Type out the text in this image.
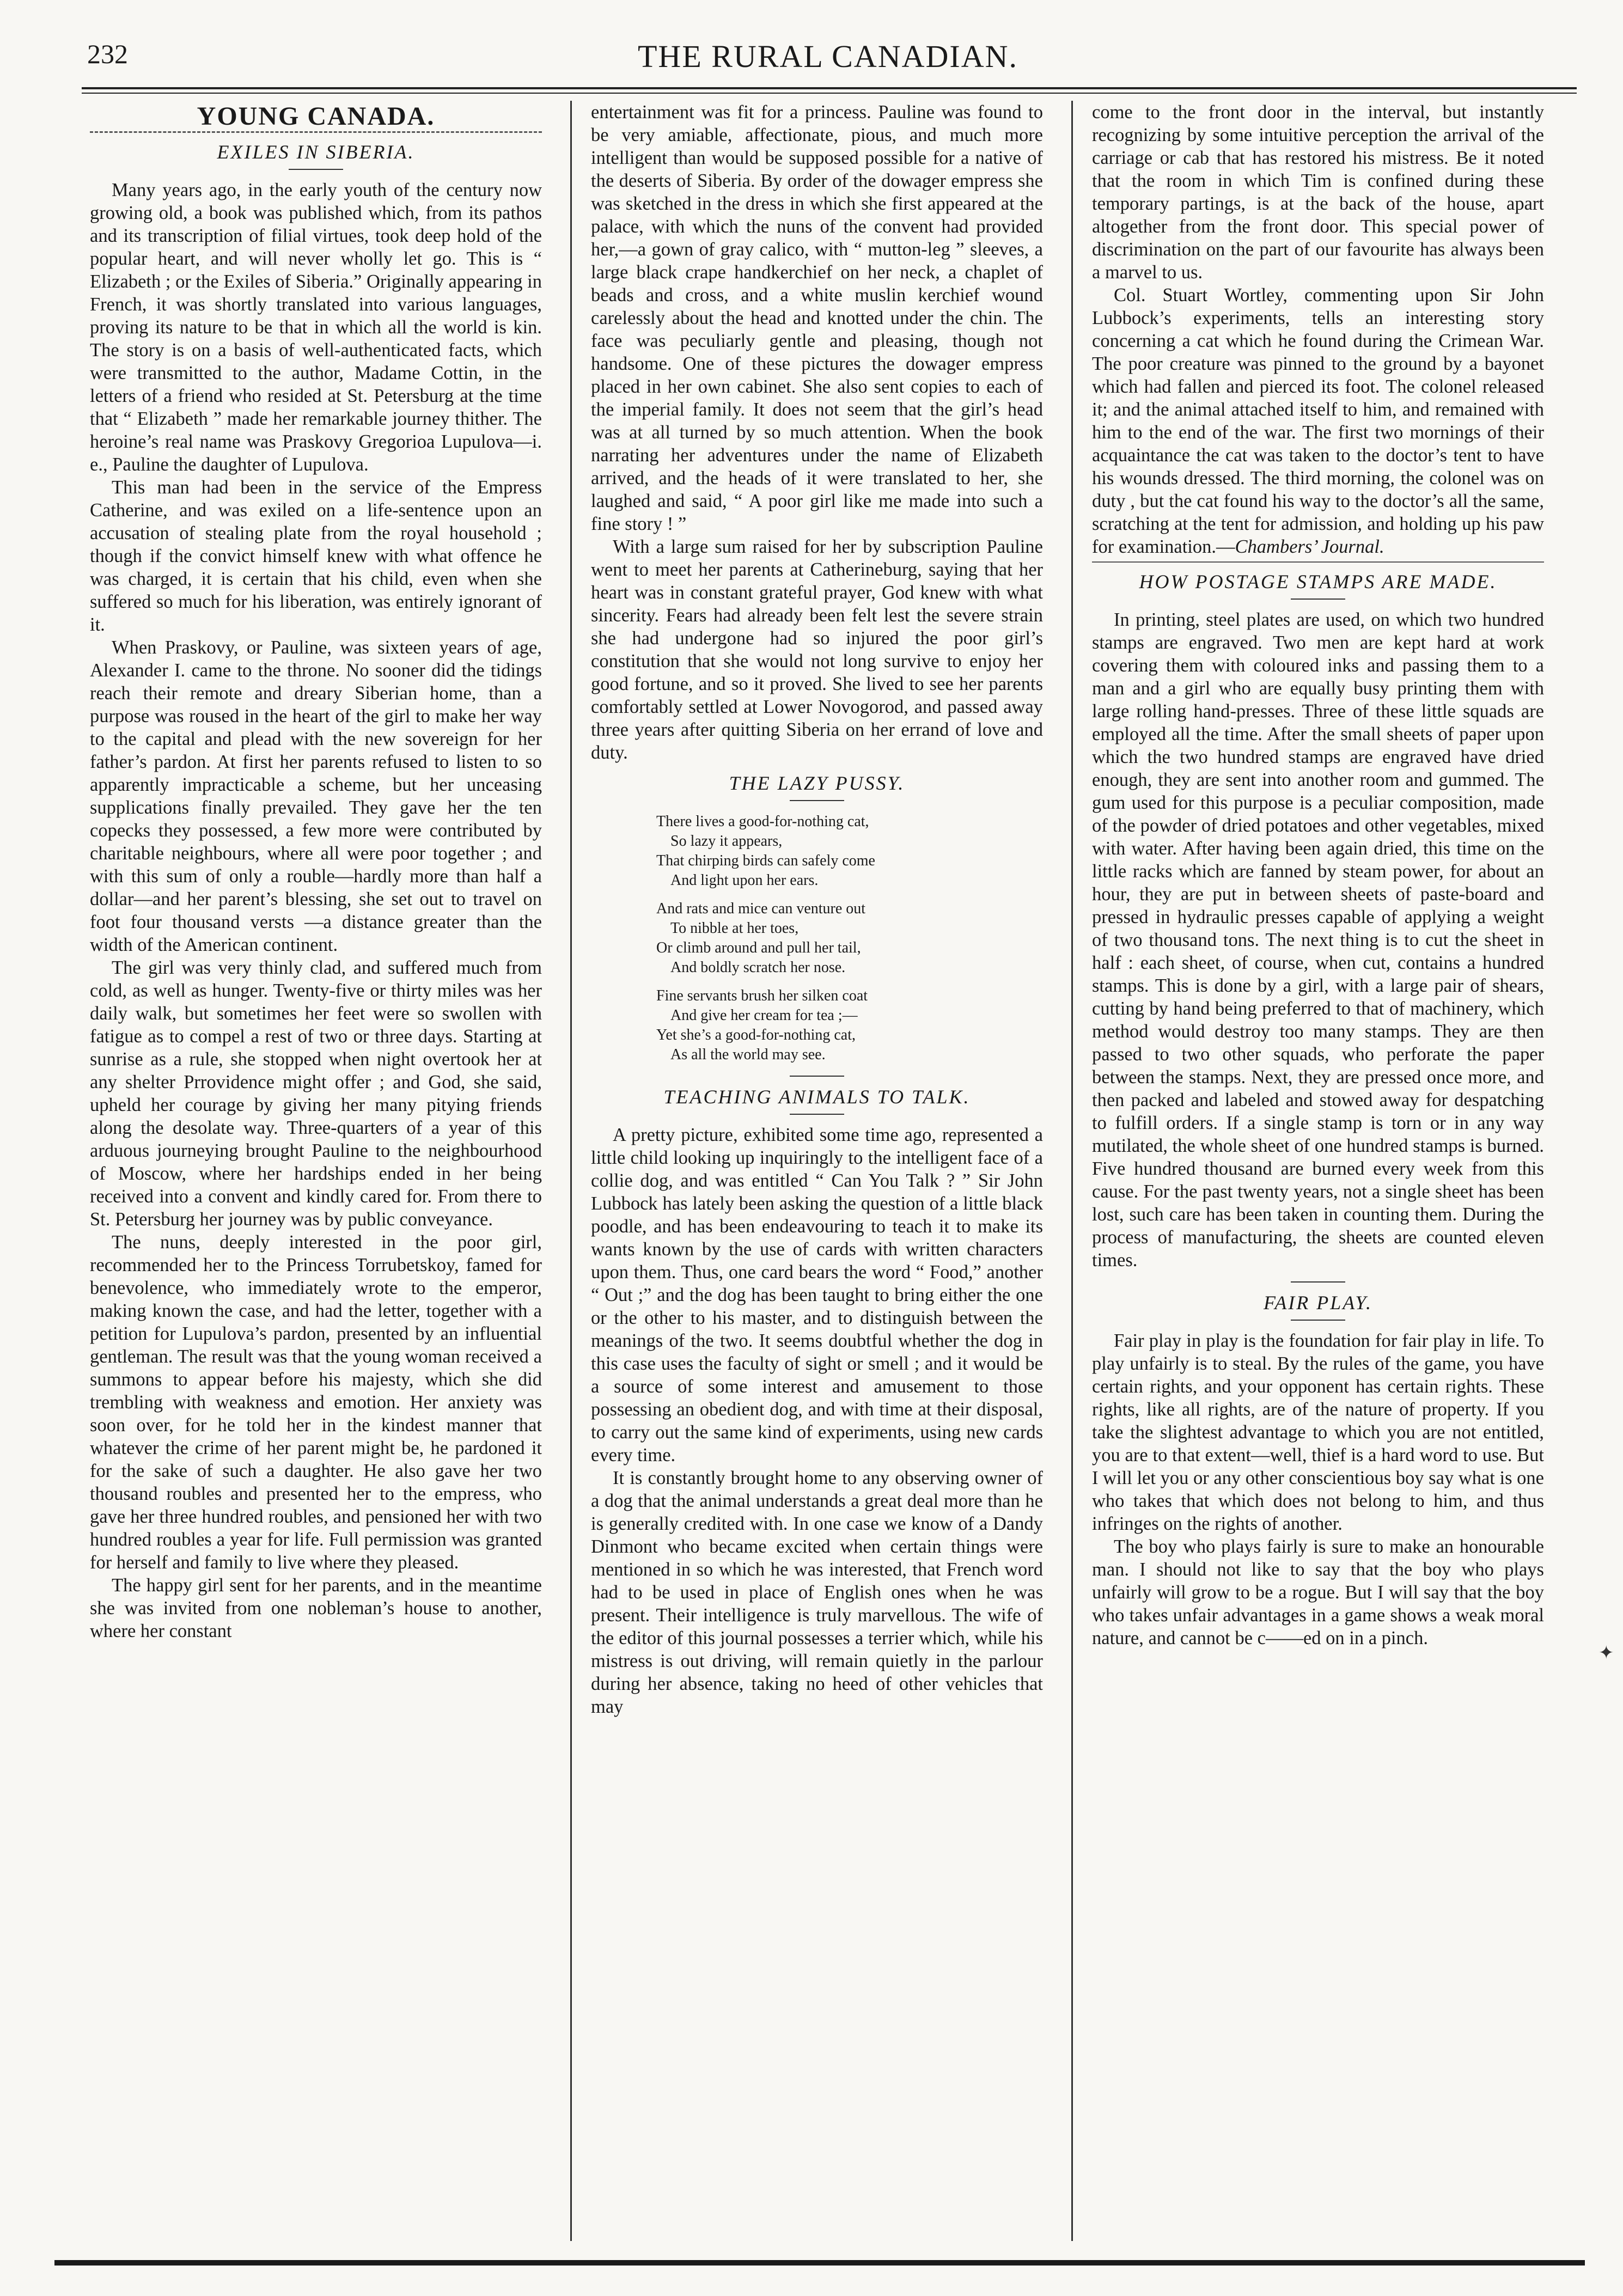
232	THE RURAL CANADIAN.
YOUNG CANADA.
EXILES IN SIBERIA.

Many years ago, in the early youth of the century now growing old, a book was published which, from its pathos and its transcription of filial virtues, took deep hold of the popular heart, and will never wholly let go. This is “ Elizabeth ; or the Exiles of Siberia.” Originally appearing in French, it was shortly translated into various languages, proving its nature to be that in which all the world is kin. The story is on a basis of well-authenticated facts, which were transmitted to the author, Madame Cottin, in the letters of a friend who resided at St. Petersburg at the time that “ Elizabeth ” made her remarkable journey thither. The heroine’s real name was Praskovy Gregorioa Lupulova—i. e., Pauline the daughter of Lupulova.

This man had been in the service of the Empress Catherine, and was exiled on a life-sentence upon an accusation of stealing plate from the royal household ; though if the convict himself knew with what offence he was charged, it is certain that his child, even when she suffered so much for his liberation, was entirely ignorant of it.

When Praskovy, or Pauline, was sixteen years of age, Alexander I. came to the throne. No sooner did the tidings reach their remote and dreary Siberian home, than a purpose was roused in the heart of the girl to make her way to the capital and plead with the new sovereign for her father’s pardon. At first her parents refused to listen to so apparently impracticable a scheme, but her unceasing supplications finally prevailed. They gave her the ten copecks they possessed, a few more were contributed by charitable neighbours, where all were poor together ; and with this sum of only a rouble—hardly more than half a dollar—and her parent’s blessing, she set out to travel on foot four thousand versts —a distance greater than the width of the American continent.

The girl was very thinly clad, and suffered much from cold, as well as hunger. Twenty-five or thirty miles was her daily walk, but sometimes her feet were so swollen with fatigue as to compel a rest of two or three days. Starting at sunrise as a rule, she stopped when night overtook her at any shelter Prrovidence might offer ; and God, she said, upheld her courage by giving her many pitying friends along the desolate way. Three-quarters of a year of this arduous journeying brought Pauline to the neighbourhood of Moscow, where her hardships ended in her being received into a convent and kindly cared for. From there to St. Petersburg her journey was by public conveyance.

The nuns, deeply interested in the poor girl, recommended her to the Princess Torrubetskoy, famed for benevolence, who immediately wrote to the emperor, making known the case, and had the letter, together with a petition for Lupulova’s pardon, presented by an influential gentleman. The result was that the young woman received a summons to appear before his majesty, which she did trembling with weakness and emotion. Her anxiety was soon over, for he told her in the kindest manner that whatever the crime of her parent might be, he pardoned it for the sake of such a daughter. He also gave her two thousand roubles and presented her to the empress, who gave her three hundred roubles, and pensioned her with two hundred roubles a year for life. Full permission was granted for herself and family to live where they pleased.

The happy girl sent for her parents, and in the meantime she was invited from one nobleman’s house to another, where her constant

entertainment was fit for a princess. Pauline was found to be very amiable, affectionate, pious, and much more intelligent than would be supposed possible for a native of the deserts of Siberia. By order of the dowager empress she was sketched in the dress in which she first appeared at the palace, with which the nuns of the convent had provided her,—a gown of gray calico, with “ mutton-leg ” sleeves, a large black crape handkerchief on her neck, a chaplet of beads and cross, and a white muslin kerchief wound carelessly about the head and knotted under the chin. The face was peculiarly gentle and pleasing, though not handsome. One of these pictures the dowager empress placed in her own cabinet. She also sent copies to each of the imperial family. It does not seem that the girl’s head was at all turned by so much attention. When the book narrating her adventures under the name of Elizabeth arrived, and the heads of it were translated to her, she laughed and said, “ A poor girl like me made into such a fine story ! ”

With a large sum raised for her by subscription Pauline went to meet her parents at Catherineburg, saying that her heart was in constant grateful prayer, God knew with what sincerity. Fears had already been felt lest the severe strain she had undergone had so injured the poor girl’s constitution that she would not long survive to enjoy her good fortune, and so it proved. She lived to see her parents comfortably settled at Lower Novogorod, and passed away three years after quitting Siberia on her errand of love and duty.

THE LAZY PUSSY.
There lives a good-for-nothing cat,
So lazy it appears,
That chirping birds can safely come
And light upon her ears.
And rats and mice can venture out
To nibble at her toes,
Or climb around and pull her tail,
And boldly scratch her nose.
Fine servants brush her silken coat
And give her cream for tea ;—
Yet she’s a good-for-nothing cat,
As all the world may see.
TEACHING ANIMALS TO TALK.

A pretty picture, exhibited some time ago, represented a little child looking up inquiringly to the intelligent face of a collie dog, and was entitled “ Can You Talk ? ” Sir John Lubbock has lately been asking the question of a little black poodle, and has been endeavouring to teach it to make its wants known by the use of cards with written characters upon them. Thus, one card bears the word “ Food,” another “ Out ;” and the dog has been taught to bring either the one or the other to his master, and to distinguish between the meanings of the two. It seems doubtful whether the dog in this case uses the faculty of sight or smell ; and it would be a source of some interest and amusement to those possessing an obedient dog, and with time at their disposal, to carry out the same kind of experiments, using new cards every time.

It is constantly brought home to any observing owner of a dog that the animal understands a great deal more than he is generally credited with. In one case we know of a Dandy Dinmont who became excited when certain things were mentioned in so which he was interested, that French word had to be used in place of English ones when he was present. Their intelligence is truly marvellous. The wife of the editor of this journal possesses a terrier which, while his mistress is out driving, will remain quietly in the parlour during her absence, taking no heed of other vehicles that may

come to the front door in the interval, but instantly recognizing by some intuitive perception the arrival of the carriage or cab that has restored his mistress. Be it noted that the room in which Tim is confined during these temporary partings, is at the back of the house, apart altogether from the front door. This special power of discrimination on the part of our favourite has always been a marvel to us.

Col. Stuart Wortley, commenting upon Sir John Lubbock’s experiments, tells an interesting story concerning a cat which he found during the Crimean War. The poor creature was pinned to the ground by a bayonet which had fallen and pierced its foot. The colonel released it; and the animal attached itself to him, and remained with him to the end of the war. The first two mornings of their acquaintance the cat was taken to the doctor’s tent to have his wounds dressed. The third morning, the colonel was on duty , but the cat found his way to the doctor’s all the same, scratching at the tent for admission, and holding up his paw for examination.—Chambers’ Journal.

HOW POSTAGE STAMPS ARE MADE.

In printing, steel plates are used, on which two hundred stamps are engraved. Two men are kept hard at work covering them with coloured inks and passing them to a man and a girl who are equally busy printing them with large rolling hand-presses. Three of these little squads are employed all the time. After the small sheets of paper upon which the two hundred stamps are engraved have dried enough, they are sent into another room and gummed. The gum used for this purpose is a peculiar composition, made of the powder of dried potatoes and other vegetables, mixed with water. After having been again dried, this time on the little racks which are fanned by steam power, for about an hour, they are put in between sheets of paste-board and pressed in hydraulic presses capable of applying a weight of two thousand tons. The next thing is to cut the sheet in half : each sheet, of course, when cut, contains a hundred stamps. This is done by a girl, with a large pair of shears, cutting by hand being preferred to that of machinery, which method would destroy too many stamps. They are then passed to two other squads, who perforate the paper between the stamps. Next, they are pressed once more, and then packed and labeled and stowed away for despatching to fulfill orders. If a single stamp is torn or in any way mutilated, the whole sheet of one hundred stamps is burned. Five hundred thousand are burned every week from this cause. For the past twenty years, not a single sheet has been lost, such care has been taken in counting them. During the process of manufacturing, the sheets are counted eleven times.

FAIR PLAY.

Fair play in play is the foundation for fair play in life. To play unfairly is to steal. By the rules of the game, you have certain rights, and your opponent has certain rights. These rights, like all rights, are of the nature of property. If you take the slightest advantage to which you are not entitled, you are to that extent—well, thief is a hard word to use. But I will let you or any other conscientious boy say what is one who takes that which does not belong to him, and thus infringes on the rights of another.

The boy who plays fairly is sure to make an honourable man. I should not like to say that the boy who plays unfairly will grow to be a rogue. But I will say that the boy who takes unfair advantages in a game shows a weak moral nature, and cannot be c——ed on in a pinch.

✦
